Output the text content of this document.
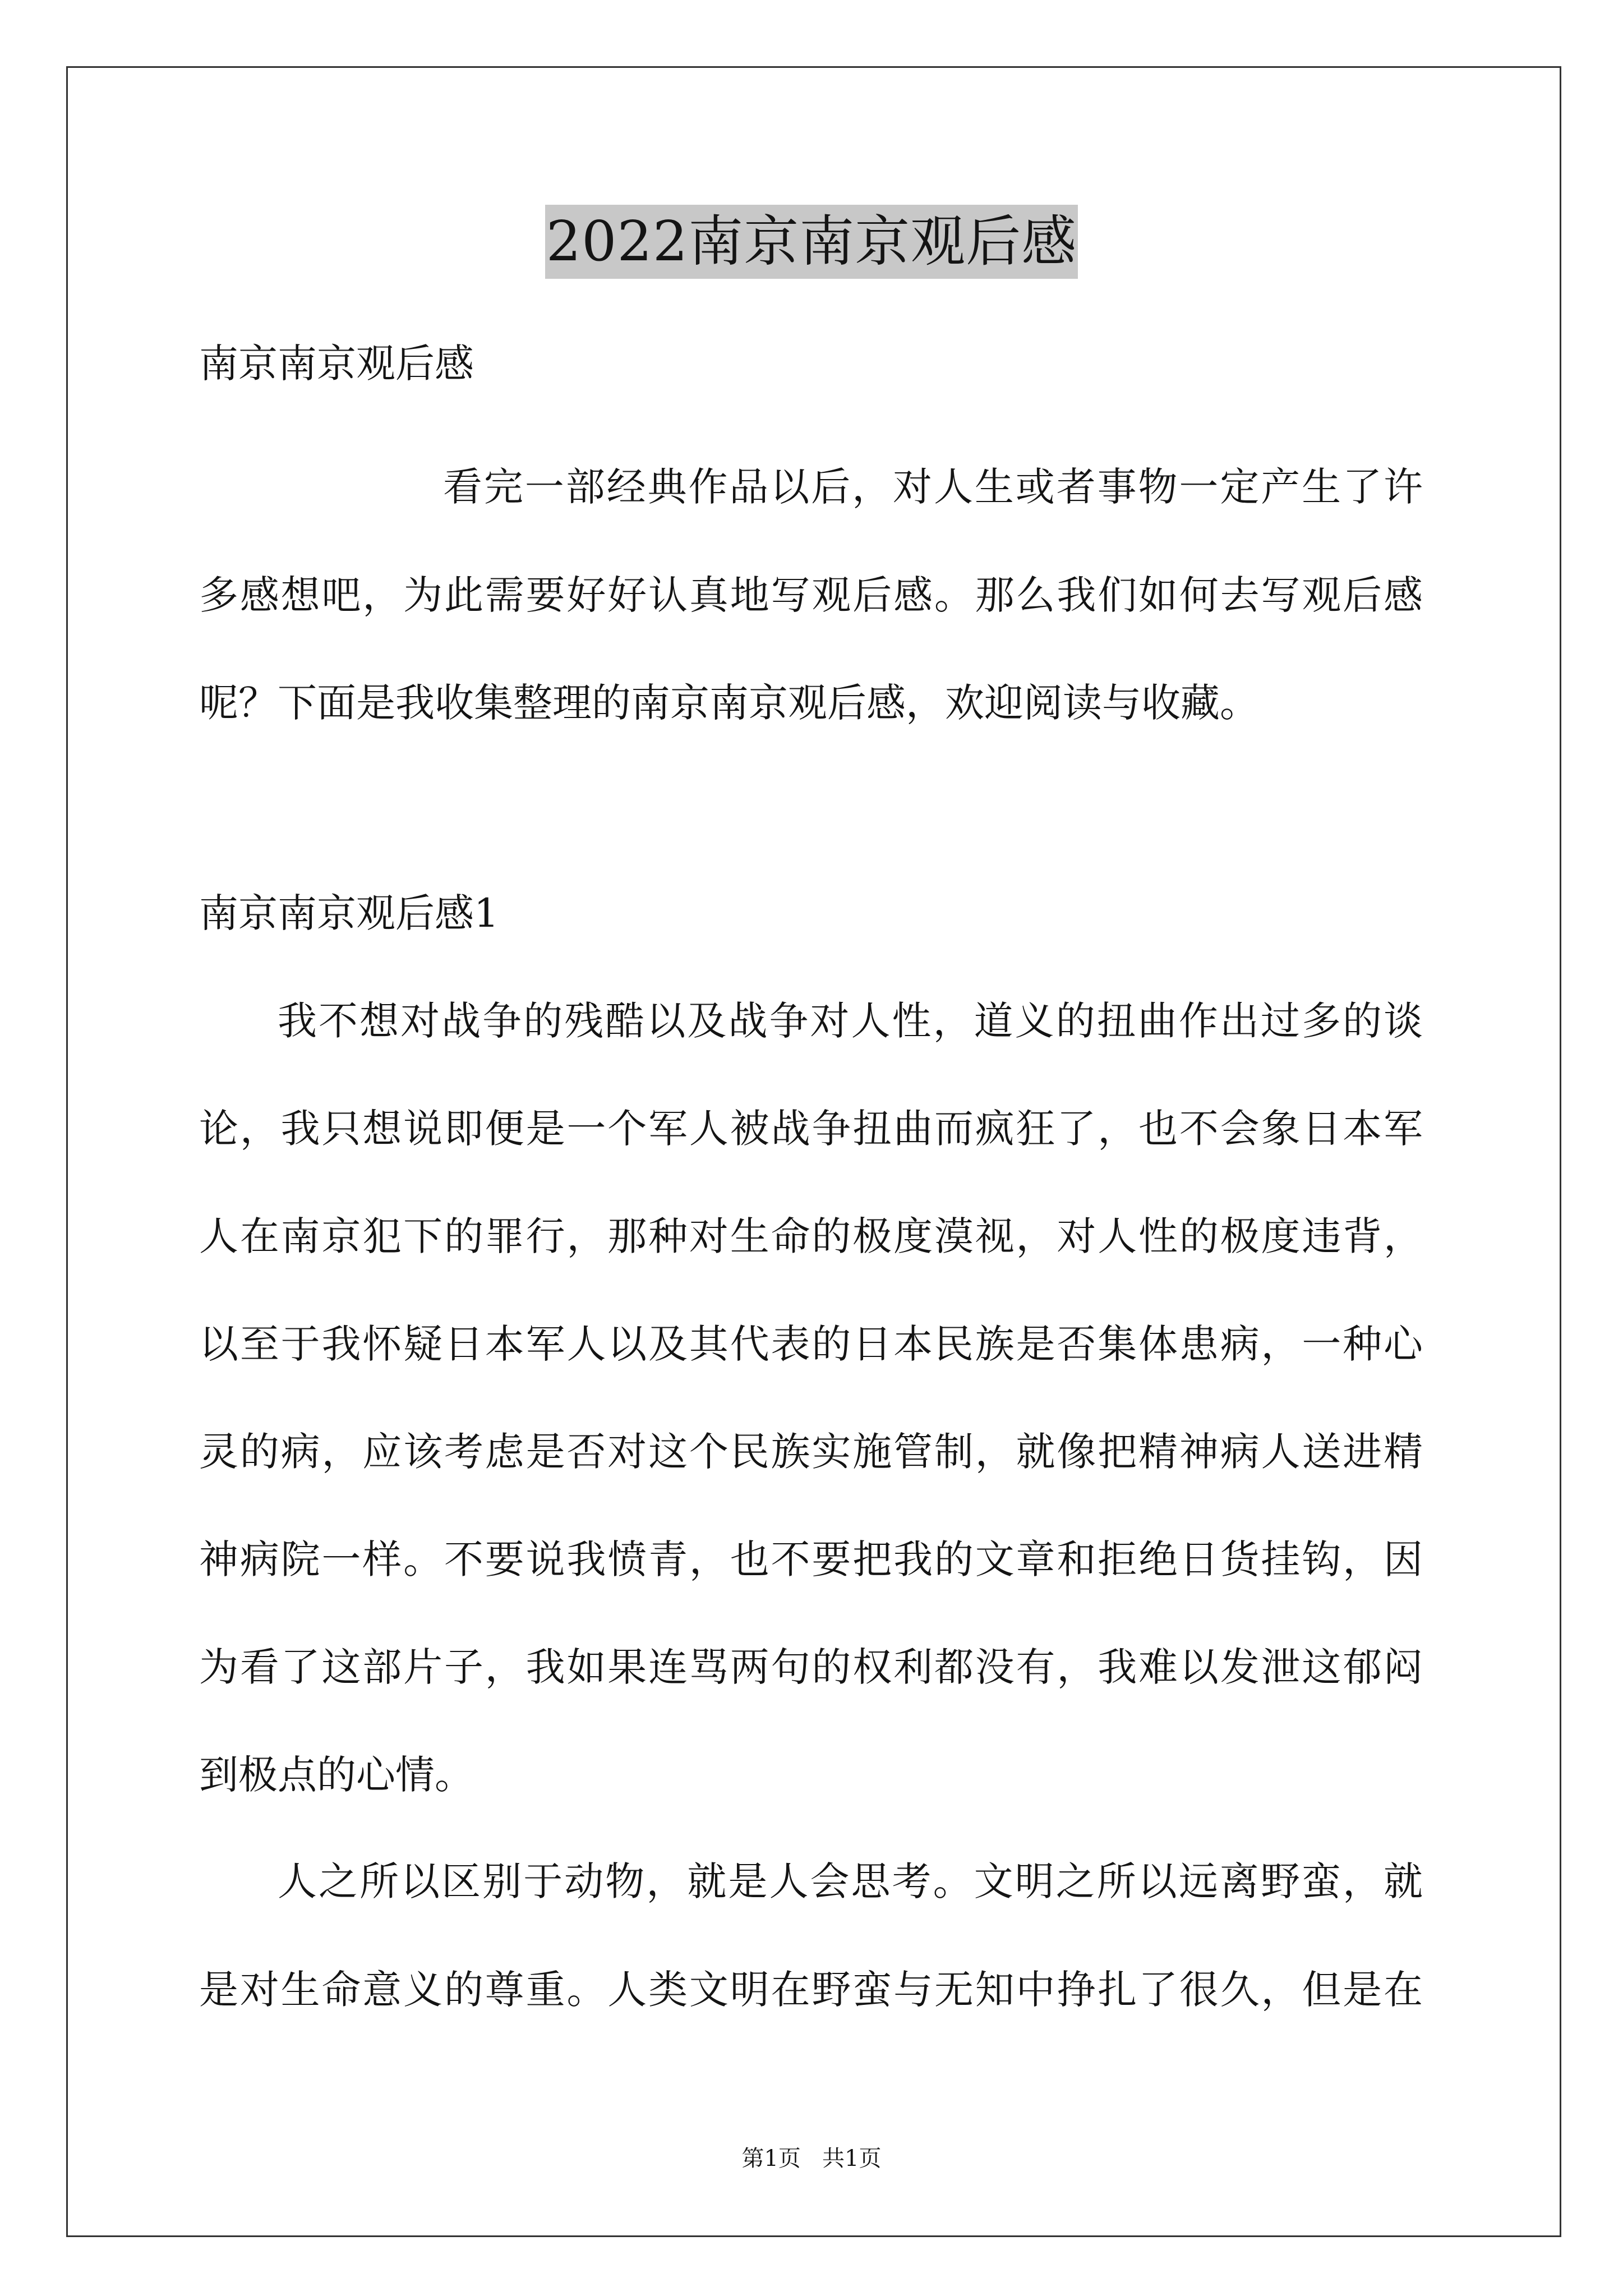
2022南京南京观后感
南京南京观后感
看完一部经典作品以后，对人生或者事物一定产生了许
多感想吧，为此需要好好认真地写观后感。那么我们如何去写观后感
呢？下面是我收集整理的南京南京观后感，欢迎阅读与收藏。
南京南京观后感1
我不想对战争的残酷以及战争对人性，道义的扭曲作出过多的谈
论，我只想说即便是一个军人被战争扭曲而疯狂了，也不会象日本军
人在南京犯下的罪行，那种对生命的极度漠视，对人性的极度违背，
以至于我怀疑日本军人以及其代表的日本民族是否集体患病，一种心
灵的病，应该考虑是否对这个民族实施管制，就像把精神病人送进精
神病院一样。不要说我愤青，也不要把我的文章和拒绝日货挂钩，因
为看了这部片子，我如果连骂两句的权利都没有，我难以发泄这郁闷
到极点的心情。
人之所以区别于动物，就是人会思考。文明之所以远离野蛮，就
是对生命意义的尊重。人类文明在野蛮与无知中挣扎了很久，但是在
第1页   共1页
